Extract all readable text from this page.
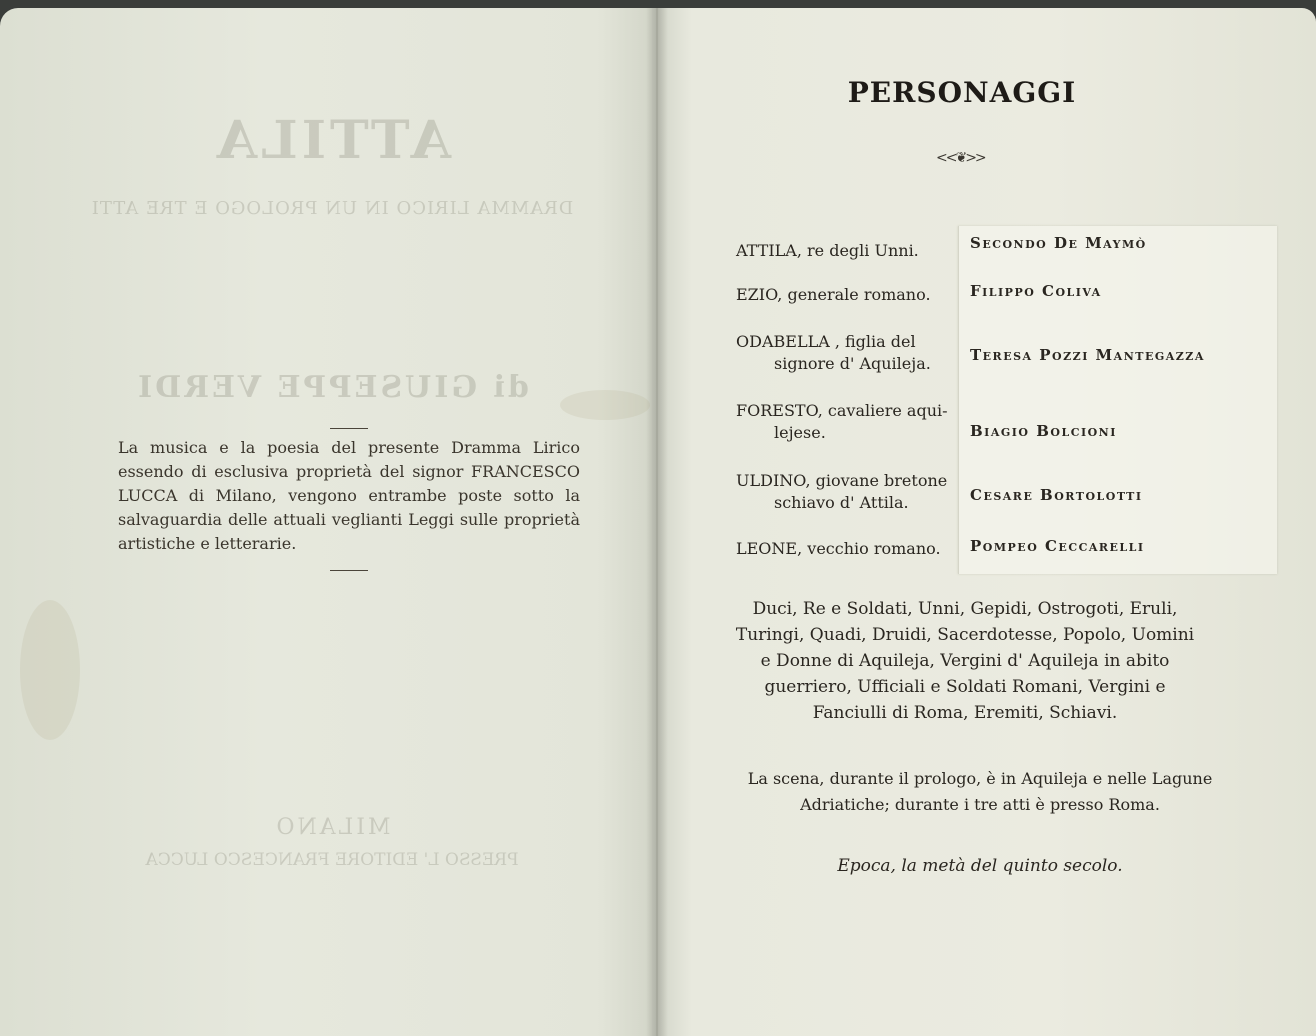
ATTILA
DRAMMA LIRICO IN UN PROLOGO E TRE ATTI
di GIUSEPPE VERDI
MILANO
PRESSO L' EDITORE FRANCESCO LUCCA
La musica e la poesia del presente Dramma Lirico essendo di esclusiva proprietà del signor FRANCESCO LUCCA di Milano, vengono entrambe poste sotto la salvaguardia delle attuali veglianti Leggi sulle proprietà artistiche e letterarie.
PERSONAGGI
<<❦>>
ATTILA, re degli Unni.	Secondo De Maymò
EZIO, generale romano.	Filippo Coliva
ODABELLA , figlia del
signore d' Aquileja.	Teresa Pozzi Mantegazza
FORESTO, cavaliere aqui-
lejese.	Biagio Bolcioni
ULDINO, giovane bretone
schiavo d' Attila.	Cesare Bortolotti
LEONE, vecchio romano.	Pompeo Ceccarelli
Duci, Re e Soldati, Unni, Gepidi, Ostrogoti, Eruli, Turingi, Quadi, Druidi, Sacerdotesse, Popolo, Uomini e Donne di Aquileja, Vergini d' Aquileja in abito guerriero, Ufficiali e Soldati Romani, Vergini e Fanciulli di Roma, Eremiti, Schiavi.
La scena, durante il prologo, è in Aquileja e nelle Lagune Adriatiche; durante i tre atti è presso Roma.
Epoca, la metà del quinto secolo.
